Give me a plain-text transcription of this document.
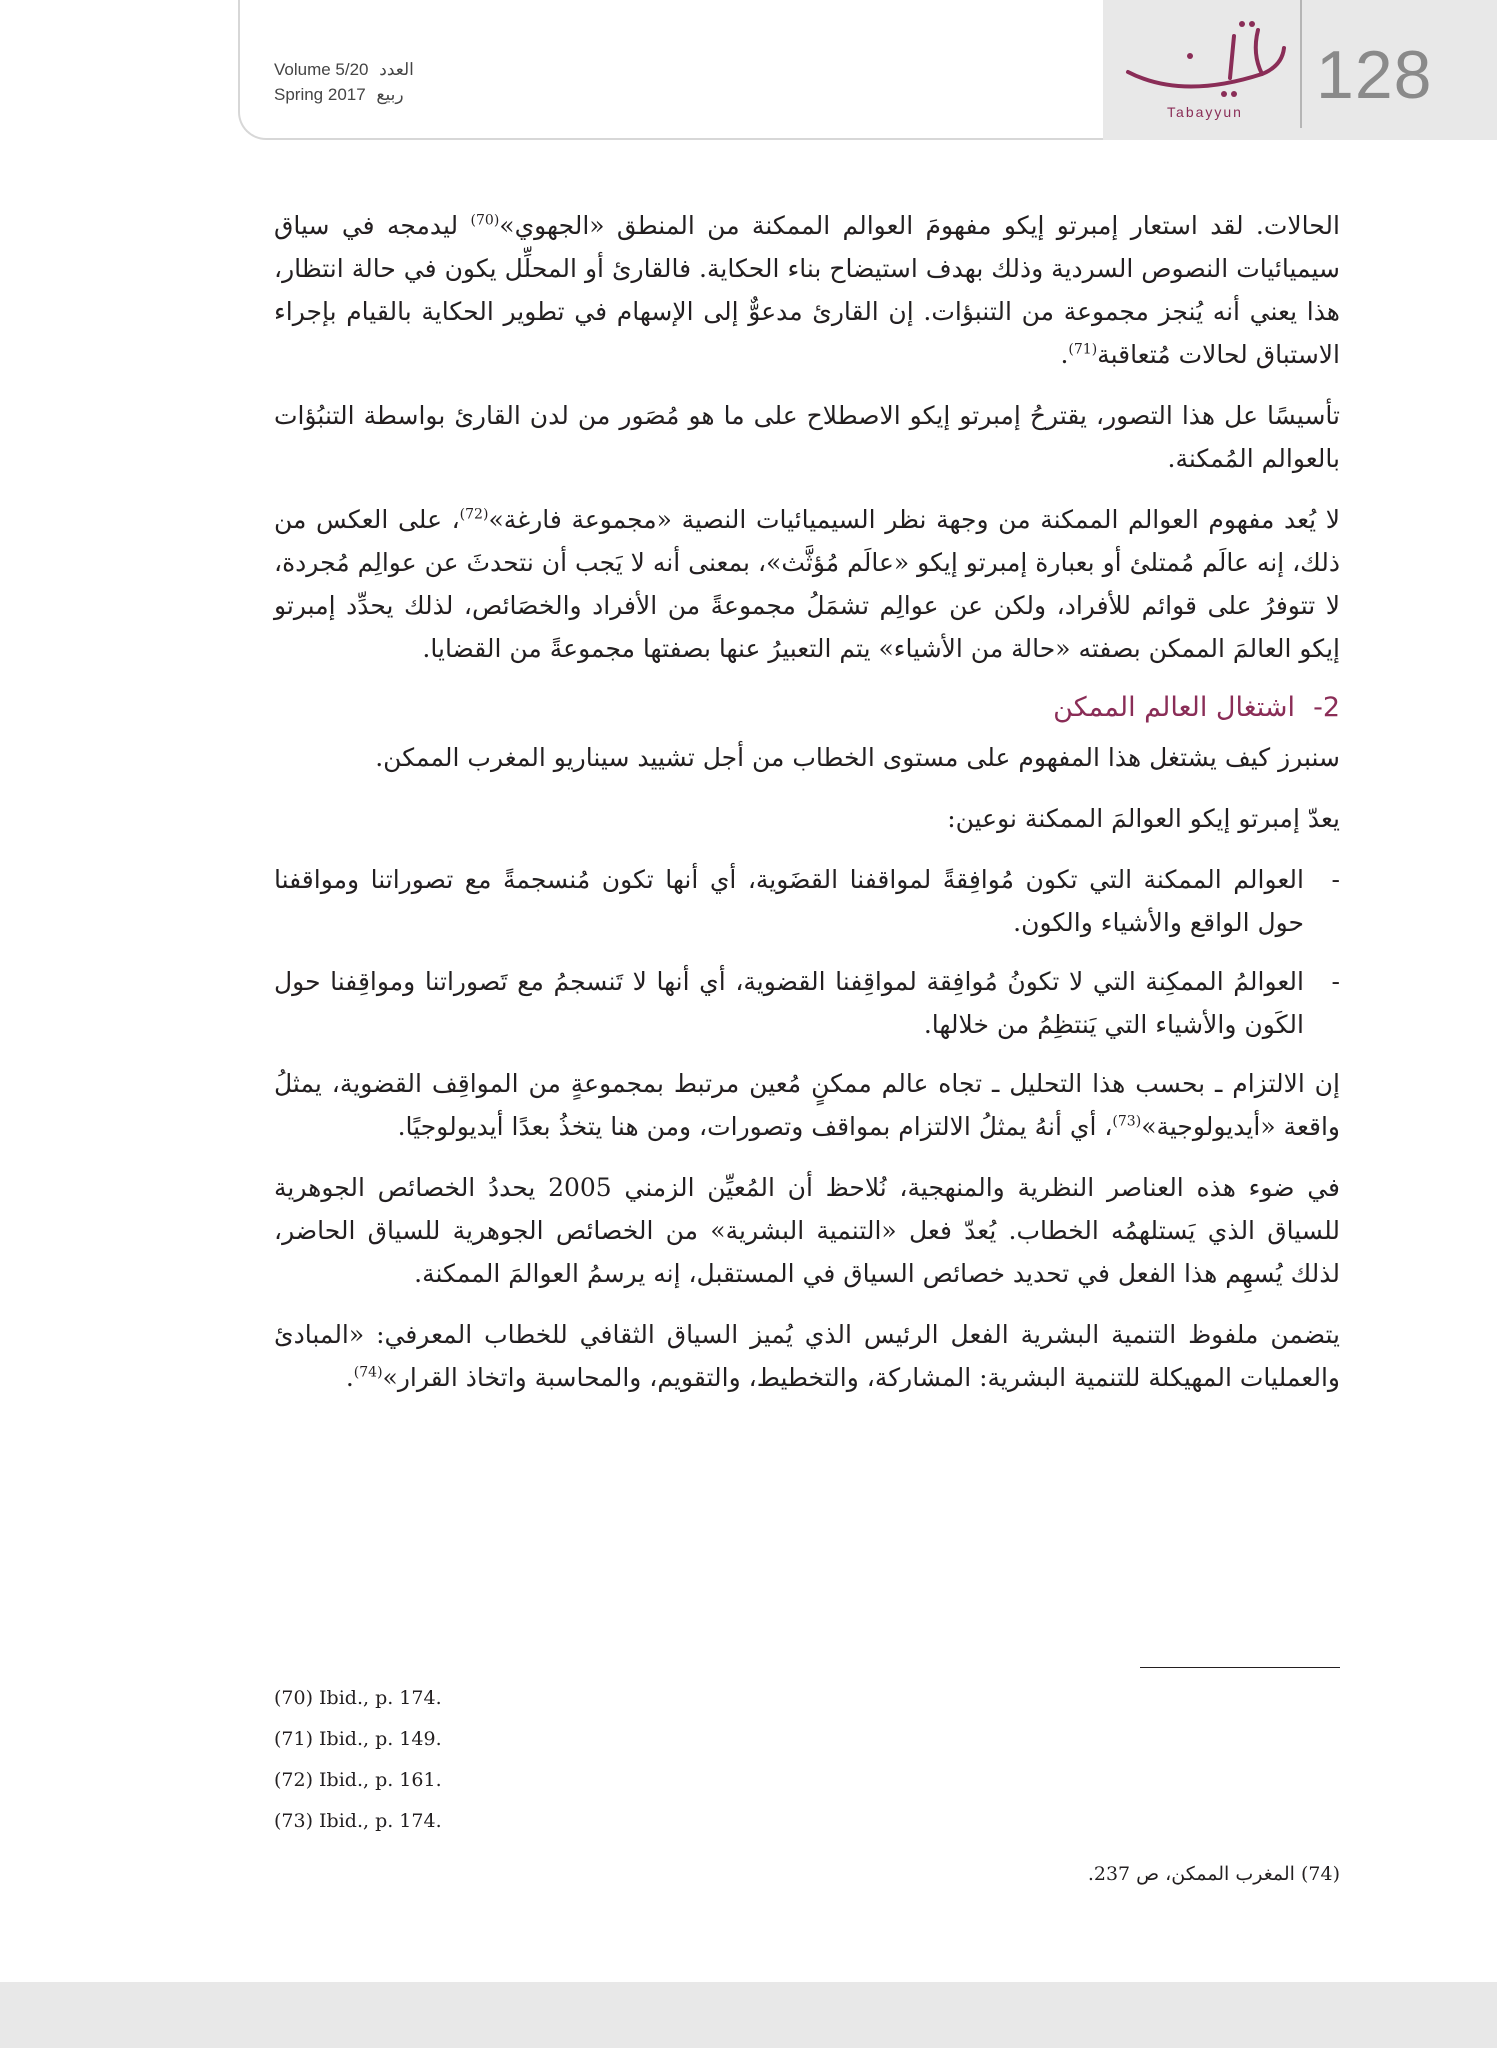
Volume 5/20 العدد
Spring 2017 ربيع
Tabayyun	128

الحالات. لقد استعار إمبرتو إيكو مفهومَ العوالم الممكنة من المنطق «الجهوي»$^{(70)}$ ليدمجه في سياق سيميائيات النصوص السردية وذلك بهدف استيضاح بناء الحكاية. فالقارئ أو المحلِّل يكون في حالة انتظار، هذا يعني أنه يُنجز مجموعة من التنبؤات. إن القارئ مدعوٌّ إلى الإسهام في تطوير الحكاية بالقيام بإجراء الاستباق لحالات مُتعاقبة$^{(71)}$.

تأسيسًا عل هذا التصور، يقترحُ إمبرتو إيكو الاصطلاح على ما هو مُصَور من لدن القارئ بواسطة التنبُؤات بالعوالم المُمكنة.

لا يُعد مفهوم العوالم الممكنة من وجهة نظر السيميائيات النصية «مجموعة فارغة»$^{(72)}$، على العكس من ذلك، إنه عالَم مُمتلئ أو بعبارة إمبرتو إيكو «عالَم مُؤثَّث»، بمعنى أنه لا يَجب أن نتحدثَ عن عوالِم مُجردة، لا تتوفرُ على قوائم للأفراد، ولكن عن عوالِم تشمَلُ مجموعةً من الأفراد والخصَائص، لذلك يحدِّد إمبرتو إيكو العالمَ الممكن بصفته «حالة من الأشياء» يتم التعبيرُ عنها بصفتها مجموعةً من القضايا.

2-اشتغال العالم الممكن

سنبرز كيف يشتغل هذا المفهوم على مستوى الخطاب من أجل تشييد سيناريو المغرب الممكن.

يعدّ إمبرتو إيكو العوالمَ الممكنة نوعين:

-
العوالم الممكنة التي تكون مُوافِقةً لمواقفنا القضَوية، أي أنها تكون مُنسجمةً مع تصوراتنا ومواقفنا حول الواقع والأشياء والكون.
-
العوالمُ الممكِنة التي لا تكونُ مُوافِقة لمواقِفنا القضوية، أي أنها لا تَنسجمُ مع تَصوراتنا ومواقِفنا حول الكَون والأشياء التي يَنتظِمُ من خلالها.

إن الالتزام ـ بحسب هذا التحليل ـ تجاه عالم ممكنٍ مُعين مرتبط بمجموعةٍ من المواقِف القضوية، يمثلُ واقعة «أيديولوجية»$^{(73)}$، أي أنهُ يمثلُ الالتزام بمواقف وتصورات، ومن هنا يتخذُ بعدًا أيديولوجيًا.

في ضوء هذه العناصر النظرية والمنهجية، نُلاحظ أن المُعيِّن الزمني 2005 يحددُ الخصائص الجوهرية للسياق الذي يَستلهمُه الخطاب. يُعدّ فعل «التنمية البشرية» من الخصائص الجوهرية للسياق الحاضر، لذلك يُسهِم هذا الفعل في تحديد خصائص السياق في المستقبل، إنه يرسمُ العوالمَ الممكنة.

يتضمن ملفوظ التنمية البشرية الفعل الرئيس الذي يُميز السياق الثقافي للخطاب المعرفي: «المبادئ والعمليات المهيكلة للتنمية البشرية: المشاركة، والتخطيط، والتقويم، والمحاسبة واتخاذ القرار»$^{(74)}$.

(70) Ibid., p. 174.
(71) Ibid., p. 149.
(72) Ibid., p. 161.
(73) Ibid., p. 174.
(74) المغرب الممكن، ص 237.
